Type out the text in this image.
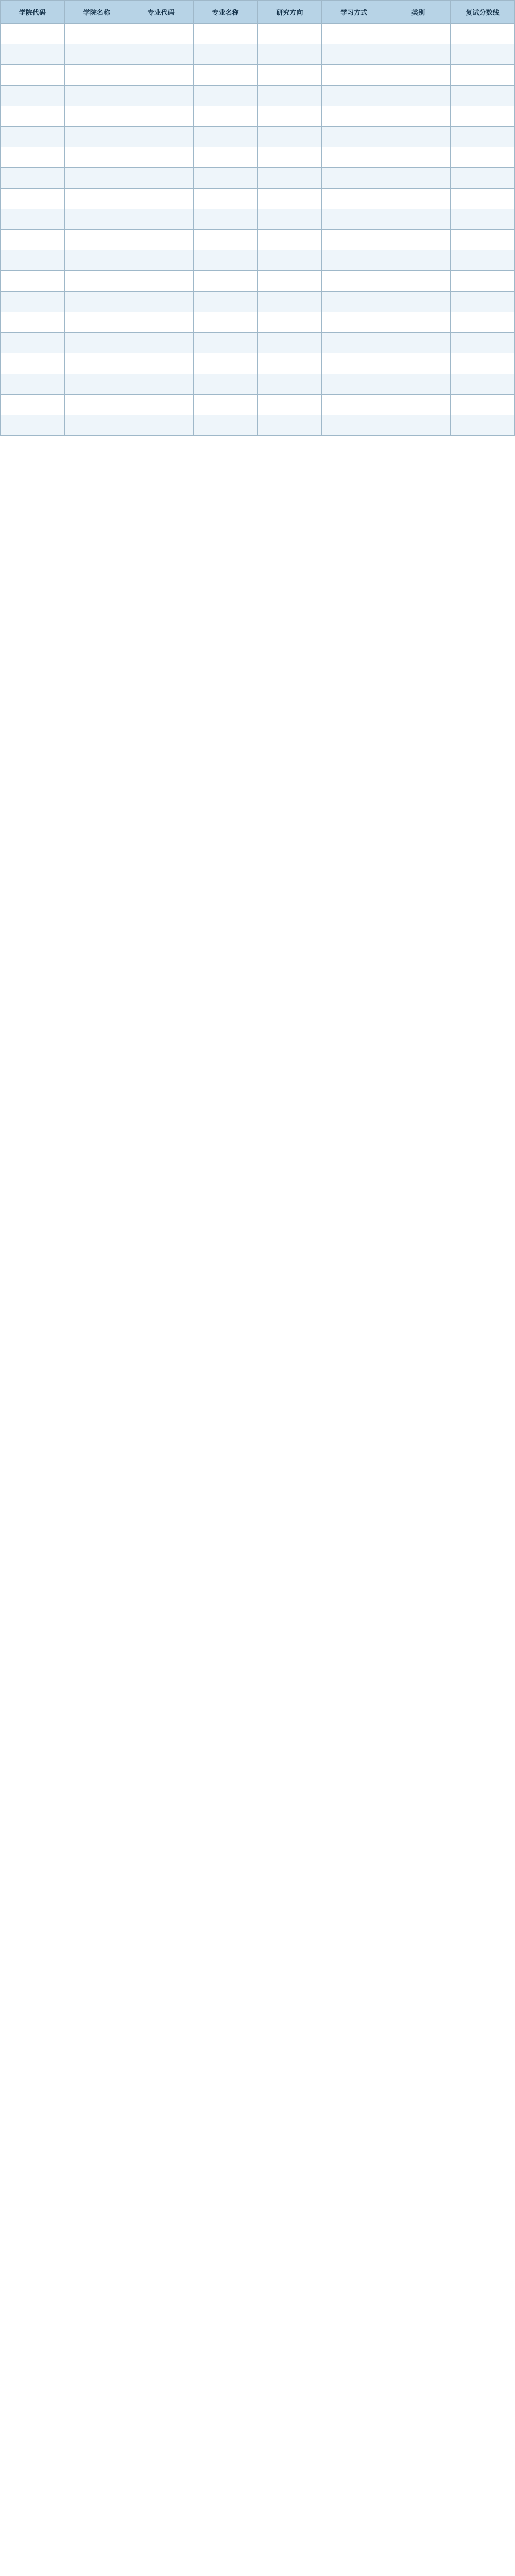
学院代码	学院名称	专业代码	专业名称	研究方向	学习方式	类别	复试分数线
